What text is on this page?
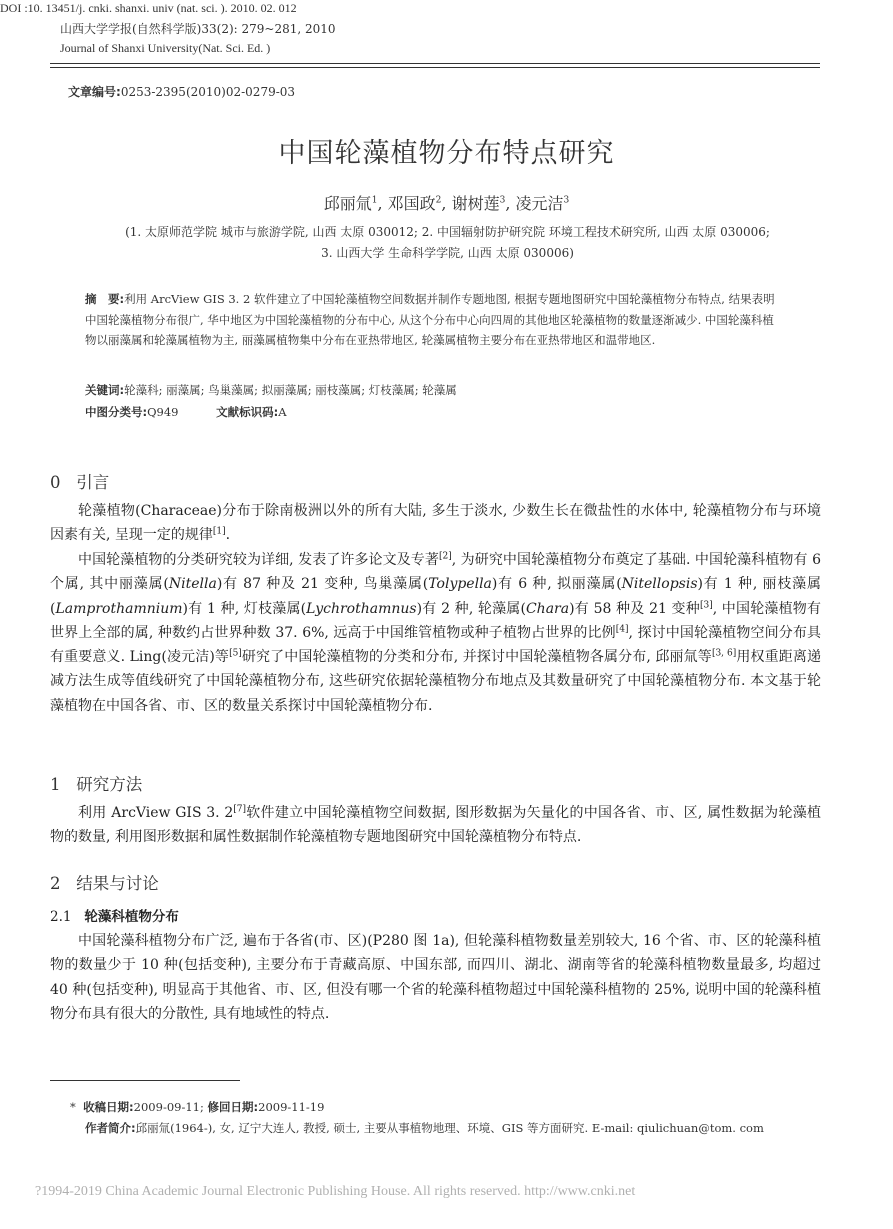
DOI :10. 13451/j. cnki. shanxi. univ (nat. sci. ). 2010. 02. 012
山西大学学报(自然科学版)33(2): 279~281, 2010
Journal of Shanxi University(Nat. Sci. Ed. )
文章编号:0253-2395(2010)02-0279-03
中国轮藻植物分布特点研究
邱丽氚$^1$, 邓国政$^2$, 谢树莲$^3$, 凌元洁$^3$
(1. 太原师范学院 城市与旅游学院, 山西 太原 030012; 2. 中国辐射防护研究院 环境工程技术研究所, 山西 太原 030006;
3. 山西大学 生命科学学院, 山西 太原 030006)
摘　要:利用 ArcView GIS 3. 2 软件建立了中国轮藻植物空间数据并制作专题地图, 根据专题地图研究中国轮藻植物分布特点, 结果表明中国轮藻植物分布很广, 华中地区为中国轮藻植物的分布中心, 从这个分布中心向四周的其他地区轮藻植物的数量逐渐减少. 中国轮藻科植物以丽藻属和轮藻属植物为主, 丽藻属植物集中分布在亚热带地区, 轮藻属植物主要分布在亚热带地区和温带地区.
关键词:轮藻科; 丽藻属; 鸟巢藻属; 拟丽藻属; 丽枝藻属; 灯枝藻属; 轮藻属
中图分类号:Q949	文献标识码:A
0 引言
轮藻植物(Characeae)分布于除南极洲以外的所有大陆, 多生于淡水, 少数生长在微盐性的水体中, 轮藻植物分布与环境因素有关, 呈现一定的规律[1].
中国轮藻植物的分类研究较为详细, 发表了许多论文及专著[2], 为研究中国轮藻植物分布奠定了基础. 中国轮藻科植物有 6 个属, 其中丽藻属(Nitella)有 87 种及 21 变种, 鸟巢藻属(Tolypella)有 6 种, 拟丽藻属(Nitellopsis)有 1 种, 丽枝藻属(Lamprothamnium)有 1 种, 灯枝藻属(Lychrothamnus)有 2 种, 轮藻属(Chara)有 58 种及 21 变种[3], 中国轮藻植物有世界上全部的属, 种数约占世界种数 37. 6%, 远高于中国维管植物或种子植物占世界的比例[4], 探讨中国轮藻植物空间分布具有重要意义. Ling(凌元洁)等[5]研究了中国轮藻植物的分类和分布, 并探讨中国轮藻植物各属分布, 邱丽氚等[3, 6]用权重距离递减方法生成等值线研究了中国轮藻植物分布, 这些研究依据轮藻植物分布地点及其数量研究了中国轮藻植物分布. 本文基于轮藻植物在中国各省、市、区的数量关系探讨中国轮藻植物分布.
1 研究方法
利用 ArcView GIS 3. 2[7]软件建立中国轮藻植物空间数据, 图形数据为矢量化的中国各省、市、区, 属性数据为轮藻植物的数量, 利用图形数据和属性数据制作轮藻植物专题地图研究中国轮藻植物分布特点.
2 结果与讨论
2.1 轮藻科植物分布
中国轮藻科植物分布广泛, 遍布于各省(市、区)(P280 图 1a), 但轮藻科植物数量差别较大, 16 个省、市、区的轮藻科植物的数量少于 10 种(包括变种), 主要分布于青藏高原、中国东部, 而四川、湖北、湖南等省的轮藻科植物数量最多, 均超过 40 种(包括变种), 明显高于其他省、市、区, 但没有哪一个省的轮藻科植物超过中国轮藻科植物的 25%, 说明中国的轮藻科植物分布具有很大的分散性, 具有地域性的特点.
* 收稿日期:2009-09-11; 修回日期:2009-11-19
作者简介:邱丽氚(1964-), 女, 辽宁大连人, 教授, 硕士, 主要从事植物地理、环境、GIS 等方面研究. E-mail: qiulichuan@tom. com
?1994-2019 China Academic Journal Electronic Publishing House. All rights reserved. http://www.cnki.net
